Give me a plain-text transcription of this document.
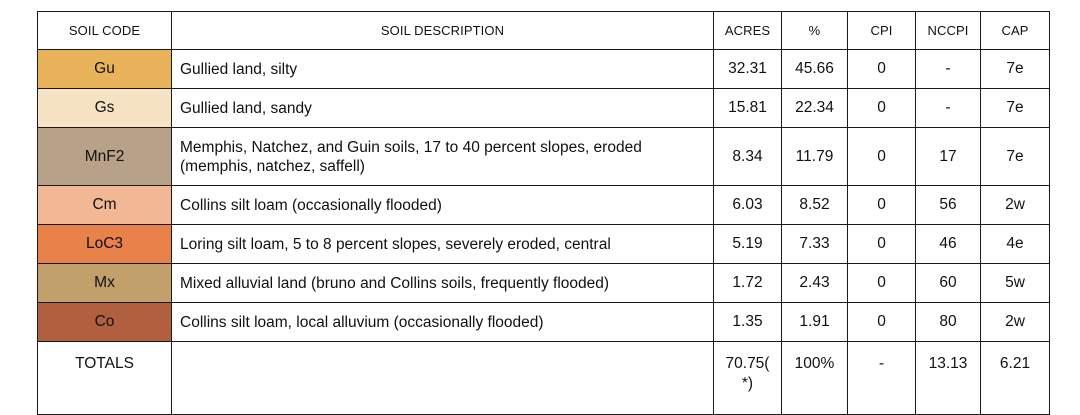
SOIL CODE	SOIL DESCRIPTION	ACRES	%	CPI	NCCPI	CAP
Gu	Gullied land, silty	32.31	45.66	0	-	7e
Gs	Gullied land, sandy	15.81	22.34	0	-	7e
MnF2	Memphis, Natchez, and Guin soils, 17 to 40 percent slopes, eroded (memphis, natchez, saffell)	8.34	11.79	0	17	7e
Cm	Collins silt loam (occasionally flooded)	6.03	8.52	0	56	2w
LoC3	Loring silt loam, 5 to 8 percent slopes, severely eroded, central	5.19	7.33	0	46	4e
Mx	Mixed alluvial land (bruno and Collins soils, frequently flooded)	1.72	2.43	0	60	5w
Co	Collins silt loam, local alluvium (occasionally flooded)	1.35	1.91	0	80	2w
TOTALS		70.75( *)	100%	-	13.13	6.21
